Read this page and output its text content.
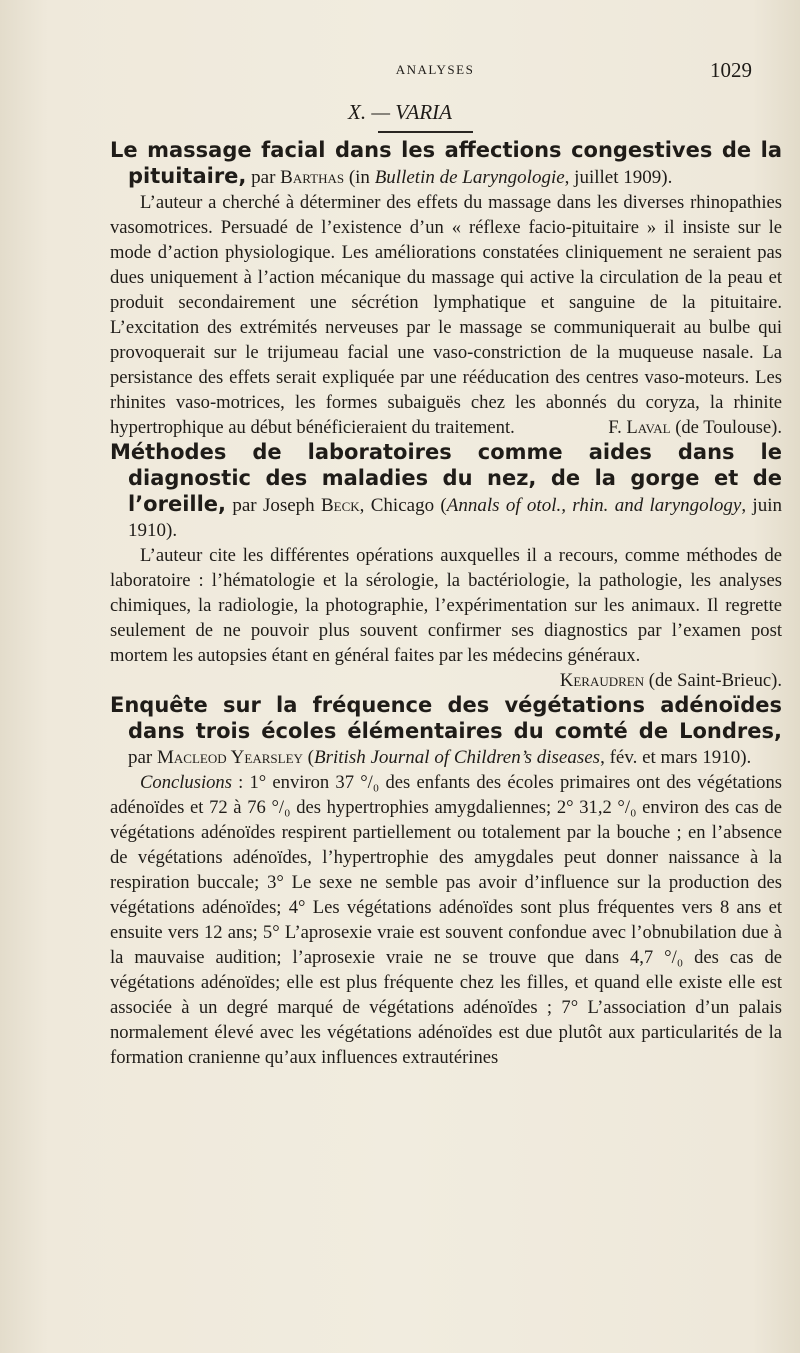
ANALYSES	1029
X. — VARIA

Le massage facial dans les affections congestives de la pituitaire, par Barthas (in Bulletin de Laryngologie, juillet 1909).

L’auteur a cherché à déterminer des effets du massage dans les diverses rhinopathies vasomotrices. Persuadé de l’existence d’un « réflexe facio-pituitaire » il insiste sur le mode d’action physiologique. Les améliorations constatées cliniquement ne seraient pas dues uniquement à l’action mécanique du massage qui active la circulation de la peau et produit secondairement une sécrétion lymphatique et sanguine de la pituitaire. L’excitation des extrémités nerveuses par le massage se communiquerait au bulbe qui provoquerait sur le trijumeau facial une vaso-constriction de la muqueuse nasale. La persistance des effets serait expliquée par une rééducation des centres vaso-moteurs. Les rhinites vaso-motrices, les formes subaiguës chez les abonnés du coryza, la rhinite hypertrophique au début bénéficieraient du traitement.	F. Laval (de Toulouse).

Méthodes de laboratoires comme aides dans le diagnostic des maladies du nez, de la gorge et de l’oreille, par Joseph Beck, Chicago (Annals of otol., rhin. and laryngology, juin 1910).

L’auteur cite les différentes opérations auxquelles il a recours, comme méthodes de laboratoire : l’hématologie et la sérologie, la bactériologie, la pathologie, les analyses chimiques, la radiologie, la photographie, l’expérimentation sur les animaux. Il regrette seulement de ne pouvoir plus souvent confirmer ses diagnostics par l’examen post mortem les autopsies étant en général faites par les médecins généraux.
Keraudren (de Saint-Brieuc).

Enquête sur la fréquence des végétations adénoïdes dans trois écoles élémentaires du comté de Londres, par Macleod Yearsley (British Journal of Children’s diseases, fév. et mars 1910).

Conclusions : 1° environ 37 °/₀ des enfants des écoles primaires ont des végétations adénoïdes et 72 à 76 °/₀ des hypertrophies amygdaliennes; 2° 31,2 °/₀ environ des cas de végétations adénoïdes respirent partiellement ou totalement par la bouche ; en l’absence de végétations adénoïdes, l’hypertrophie des amygdales peut donner naissance à la respiration buccale; 3° Le sexe ne semble pas avoir d’influence sur la production des végétations adénoïdes; 4° Les végétations adénoïdes sont plus fréquentes vers 8 ans et ensuite vers 12 ans; 5° L’aprosexie vraie est souvent confondue avec l’obnubilation due à la mauvaise audition; l’aprosexie vraie ne se trouve que dans 4,7 °/₀ des cas de végétations adénoïdes; elle est plus fréquente chez les filles, et quand elle existe elle est associée à un degré marqué de végétations adénoïdes ; 7° L’association d’un palais normalement élevé avec les végétations adénoïdes est due plutôt aux particularités de la formation cranienne qu’aux influences extrautérines
